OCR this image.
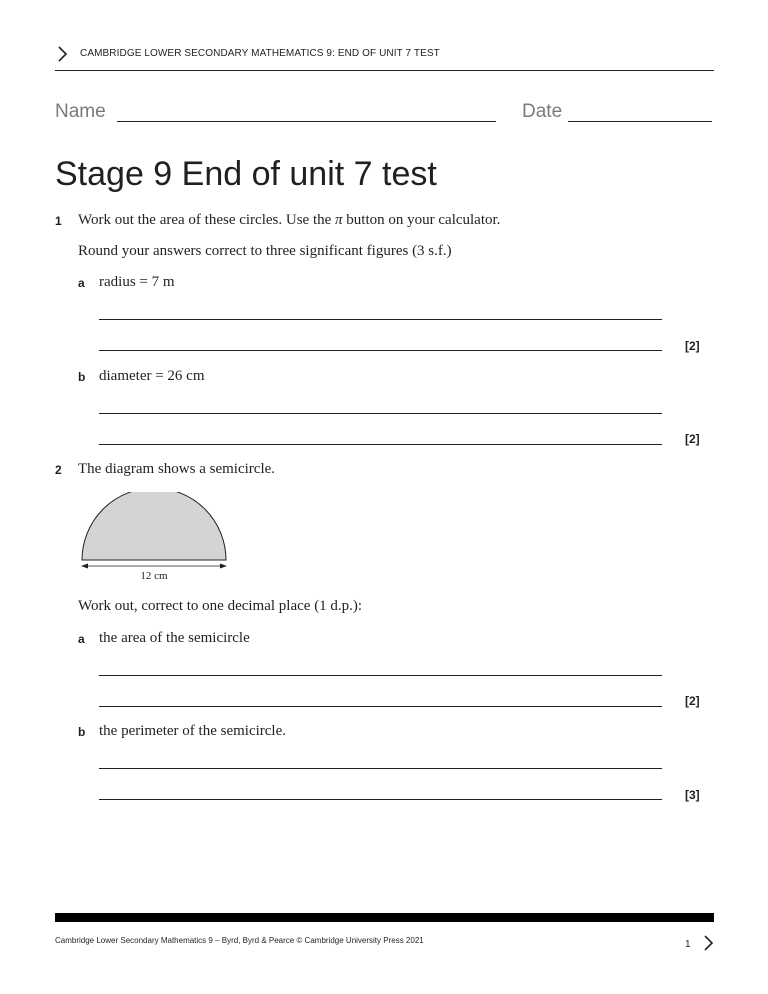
CAMBRIDGE LOWER SECONDARY MATHEMATICS 9: END OF UNIT 7 TEST
Name	Date
Stage 9 End of unit 7 test
1 Work out the area of these circles. Use the π button on your calculator.
Round your answers correct to three significant figures (3 s.f.)
a radius = 7 m
[2]
b diameter = 26 cm
[2]
2 The diagram shows a semicircle.
12 cm
Work out, correct to one decimal place (1 d.p.):
a the area of the semicircle
[2]
b the perimeter of the semicircle.
[3]
Cambridge Lower Secondary Mathematics 9 – Byrd, Byrd & Pearce © Cambridge University Press 2021	1
